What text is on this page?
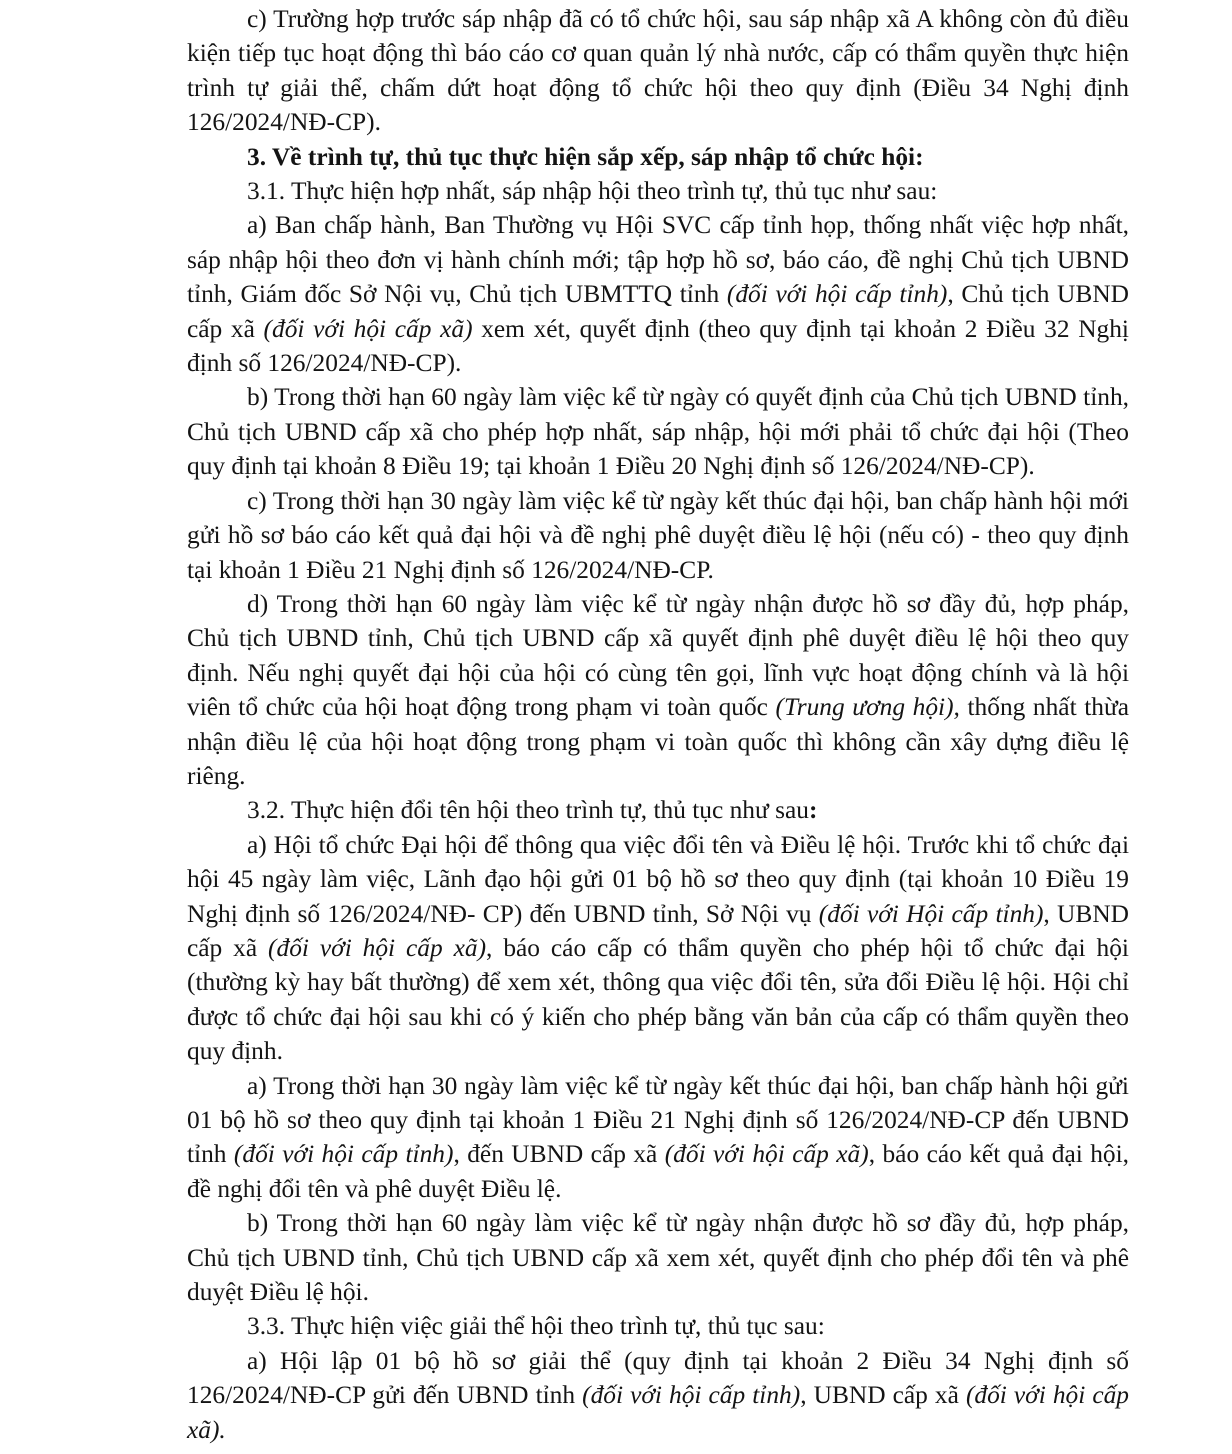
c) Trường hợp trước sáp nhập đã có tổ chức hội, sau sáp nhập xã A không còn đủ điều kiện tiếp tục hoạt động thì báo cáo cơ quan quản lý nhà nước, cấp có thẩm quyền thực hiện trình tự giải thể, chấm dứt hoạt động tổ chức hội theo quy định (Điều 34 Nghị định 126/2024/NĐ-CP).

3. Về trình tự, thủ tục thực hiện sắp xếp, sáp nhập tổ chức hội:

3.1. Thực hiện hợp nhất, sáp nhập hội theo trình tự, thủ tục như sau:

a) Ban chấp hành, Ban Thường vụ Hội SVC cấp tỉnh họp, thống nhất việc hợp nhất, sáp nhập hội theo đơn vị hành chính mới; tập hợp hồ sơ, báo cáo, đề nghị Chủ tịch UBND tỉnh, Giám đốc Sở Nội vụ, Chủ tịch UBMTTQ tỉnh (đối với hội cấp tỉnh), Chủ tịch UBND cấp xã (đối với hội cấp xã) xem xét, quyết định (theo quy định tại khoản 2 Điều 32 Nghị định số 126/2024/NĐ-CP).

b) Trong thời hạn 60 ngày làm việc kể từ ngày có quyết định của Chủ tịch UBND tỉnh, Chủ tịch UBND cấp xã cho phép hợp nhất, sáp nhập, hội mới phải tổ chức đại hội (Theo quy định tại khoản 8 Điều 19; tại khoản 1 Điều 20 Nghị định số 126/2024/NĐ-CP).

c) Trong thời hạn 30 ngày làm việc kể từ ngày kết thúc đại hội, ban chấp hành hội mới gửi hồ sơ báo cáo kết quả đại hội và đề nghị phê duyệt điều lệ hội (nếu có) - theo quy định tại khoản 1 Điều 21 Nghị định số 126/2024/NĐ-CP.

d) Trong thời hạn 60 ngày làm việc kể từ ngày nhận được hồ sơ đầy đủ, hợp pháp, Chủ tịch UBND tỉnh, Chủ tịch UBND cấp xã quyết định phê duyệt điều lệ hội theo quy định. Nếu nghị quyết đại hội của hội có cùng tên gọi, lĩnh vực hoạt động chính và là hội viên tổ chức của hội hoạt động trong phạm vi toàn quốc (Trung ương hội), thống nhất thừa nhận điều lệ của hội hoạt động trong phạm vi toàn quốc thì không cần xây dựng điều lệ riêng.

3.2. Thực hiện đổi tên hội theo trình tự, thủ tục như sau:

a) Hội tổ chức Đại hội để thông qua việc đổi tên và Điều lệ hội. Trước khi tổ chức đại hội 45 ngày làm việc, Lãnh đạo hội gửi 01 bộ hồ sơ theo quy định (tại khoản 10 Điều 19 Nghị định số 126/2024/NĐ- CP) đến UBND tỉnh, Sở Nội vụ (đối với Hội cấp tỉnh), UBND cấp xã (đối với hội cấp xã), báo cáo cấp có thẩm quyền cho phép hội tổ chức đại hội (thường kỳ hay bất thường) để xem xét, thông qua việc đổi tên, sửa đổi Điều lệ hội. Hội chỉ được tổ chức đại hội sau khi có ý kiến cho phép bằng văn bản của cấp có thẩm quyền theo quy định.

a) Trong thời hạn 30 ngày làm việc kể từ ngày kết thúc đại hội, ban chấp hành hội gửi 01 bộ hồ sơ theo quy định tại khoản 1 Điều 21 Nghị định số 126/2024/NĐ-CP đến UBND tỉnh (đối với hội cấp tỉnh), đến UBND cấp xã (đối với hội cấp xã), báo cáo kết quả đại hội, đề nghị đổi tên và phê duyệt Điều lệ.

b) Trong thời hạn 60 ngày làm việc kể từ ngày nhận được hồ sơ đầy đủ, hợp pháp, Chủ tịch UBND tỉnh, Chủ tịch UBND cấp xã xem xét, quyết định cho phép đổi tên và phê duyệt Điều lệ hội.

3.3. Thực hiện việc giải thể hội theo trình tự, thủ tục sau:

a) Hội lập 01 bộ hồ sơ giải thể (quy định tại khoản 2 Điều 34 Nghị định số 126/2024/NĐ-CP gửi đến UBND tỉnh (đối với hội cấp tỉnh), UBND cấp xã (đối với hội cấp xã).
